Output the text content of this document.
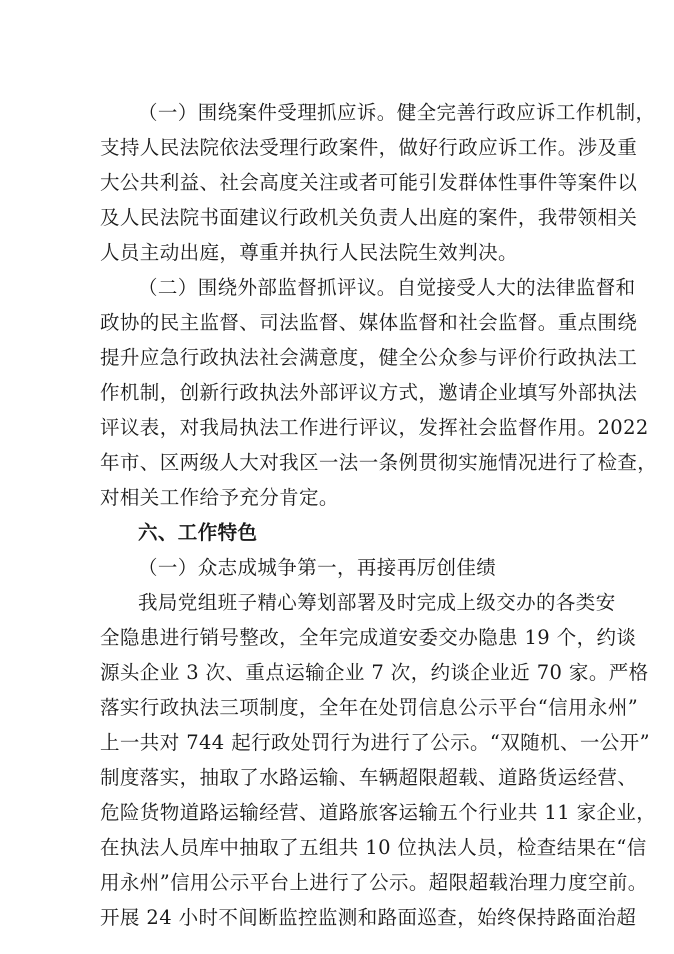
（一）围绕案件受理抓应诉。健全完善行政应诉工作机制，
支持人民法院依法受理行政案件，做好行政应诉工作。涉及重
大公共利益、社会高度关注或者可能引发群体性事件等案件以
及人民法院书面建议行政机关负责人出庭的案件，我带领相关
人员主动出庭，尊重并执行人民法院生效判决。
（二）围绕外部监督抓评议。自觉接受人大的法律监督和
政协的民主监督、司法监督、媒体监督和社会监督。重点围绕
提升应急行政执法社会满意度，健全公众参与评价行政执法工
作机制，创新行政执法外部评议方式，邀请企业填写外部执法
评议表，对我局执法工作进行评议，发挥社会监督作用。2022
年市、区两级人大对我区一法一条例贯彻实施情况进行了检查，
对相关工作给予充分肯定。
六、工作特色
（一）众志成城争第一，再接再厉创佳绩
我局党组班子精心筹划部署及时完成上级交办的各类安
全隐患进行销号整改，全年完成道安委交办隐患 19 个，约谈
源头企业 3 次、重点运输企业 7 次，约谈企业近 70 家。严格
落实行政执法三项制度，全年在处罚信息公示平台“信用永州”
上一共对 744 起行政处罚行为进行了公示。“双随机、一公开”
制度落实，抽取了水路运输、车辆超限超载、道路货运经营、
危险货物道路运输经营、道路旅客运输五个行业共 11 家企业，
在执法人员库中抽取了五组共 10 位执法人员，检查结果在“信
用永州”信用公示平台上进行了公示。超限超载治理力度空前。
开展 24 小时不间断监控监测和路面巡查，始终保持路面治超
